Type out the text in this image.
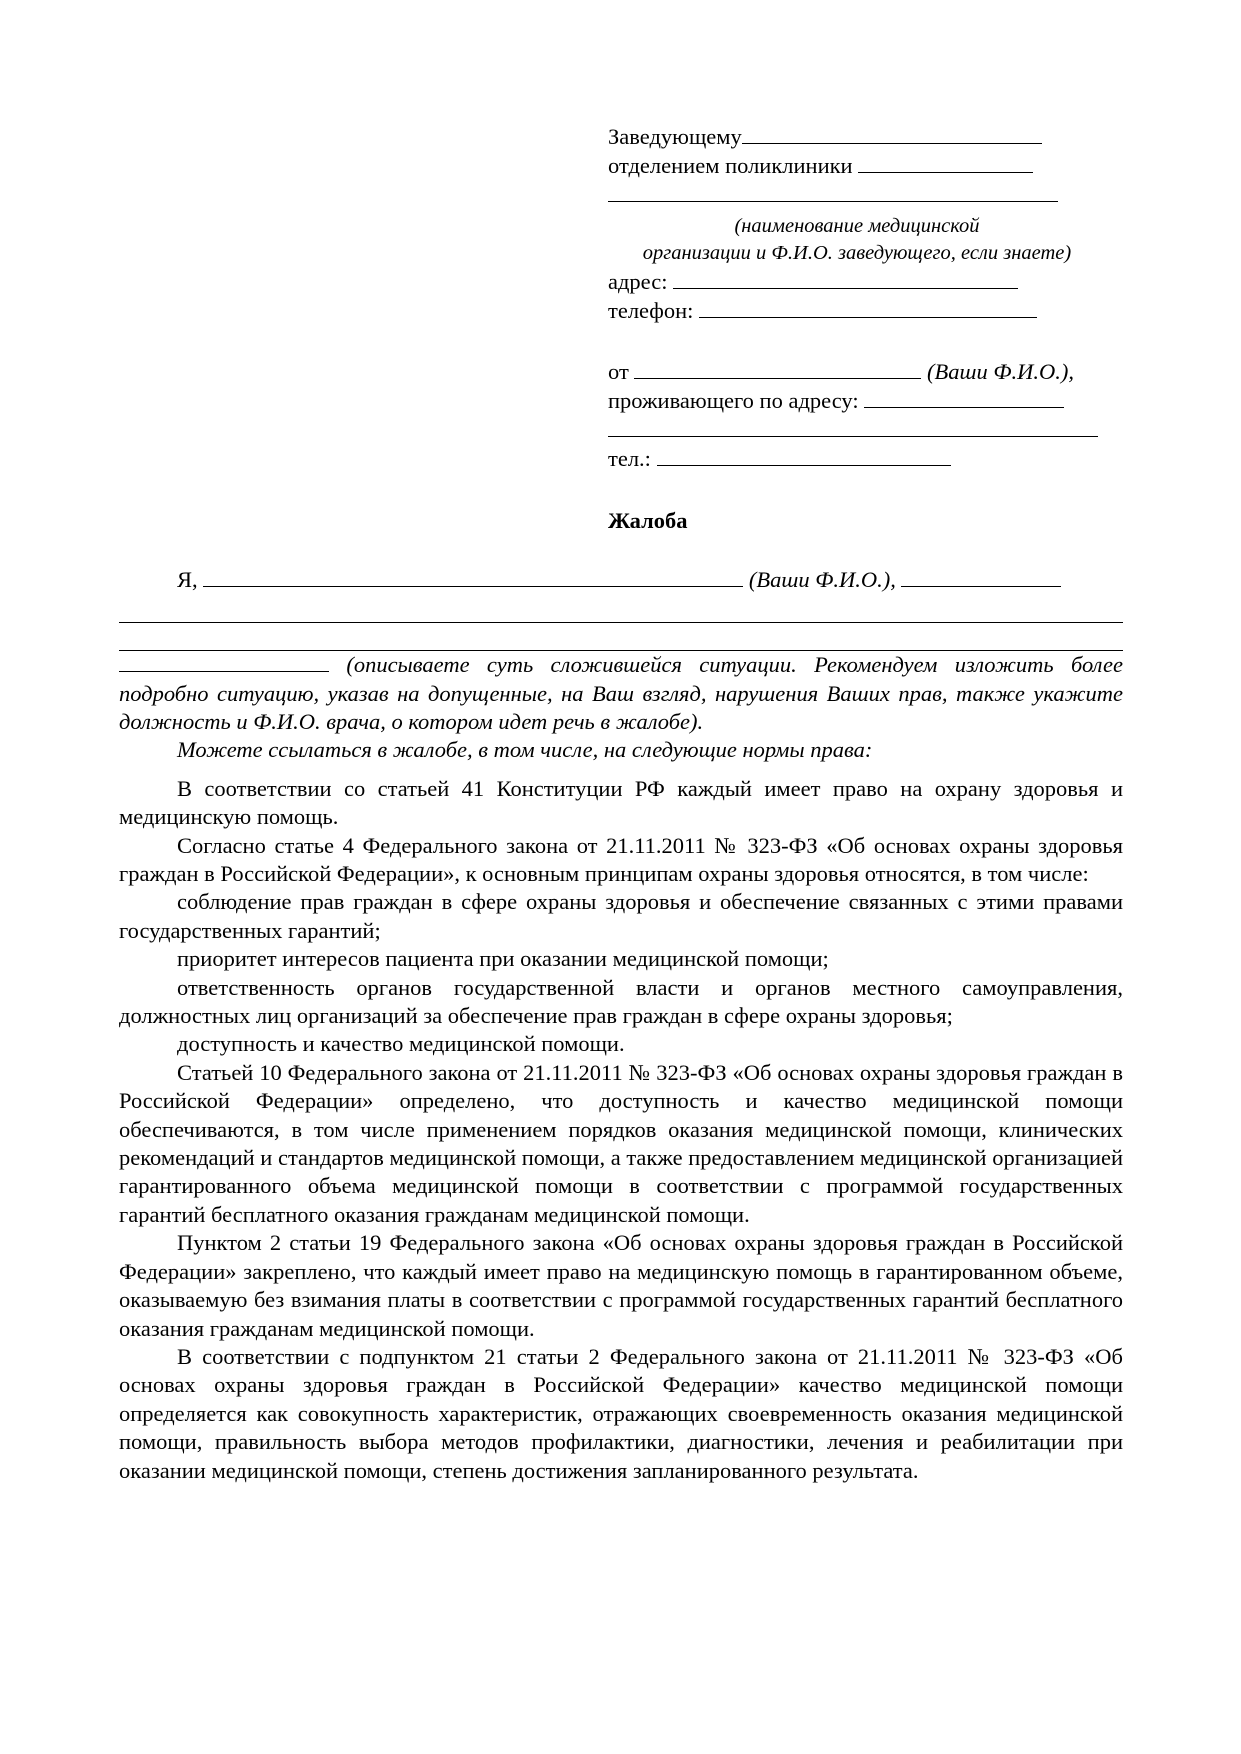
Заведующему
отделением поликлиники
(наименование медицинской
организации и Ф.И.О. заведующего, если знаете)
адрес:
телефон:
от	(Ваши Ф.И.О.),
проживающего по адресу:
тел.:
Жалоба
Я,	(Ваши Ф.И.О.),

(описываете суть сложившейся ситуации. Рекомендуем изложить более подробно ситуацию, указав на допущенные, на Ваш взгляд, нарушения Ваших прав, также укажите должность и Ф.И.О. врача, о котором идет речь в жалобе).

Можете ссылаться в жалобе, в том числе, на следующие нормы права:

В соответствии со статьей 41 Конституции РФ каждый имеет право на охрану здоровья и медицинскую помощь.

Согласно статье 4 Федерального закона от 21.11.2011 № 323-ФЗ «Об основах охраны здоровья граждан в Российской Федерации», к основным принципам охраны здоровья относятся, в том числе:

соблюдение прав граждан в сфере охраны здоровья и обеспечение связанных с этими правами государственных гарантий;

приоритет интересов пациента при оказании медицинской помощи;

ответственность органов государственной власти и органов местного самоуправления, должностных лиц организаций за обеспечение прав граждан в сфере охраны здоровья;

доступность и качество медицинской помощи.

Статьей 10 Федерального закона от 21.11.2011 № 323-ФЗ «Об основах охраны здоровья граждан в Российской Федерации» определено, что доступность и качество медицинской помощи обеспечиваются, в том числе применением порядков оказания медицинской помощи, клинических рекомендаций и стандартов медицинской помощи, а также предоставлением медицинской организацией гарантированного объема медицинской помощи в соответствии с программой государственных гарантий бесплатного оказания гражданам медицинской помощи.

Пунктом 2 статьи 19 Федерального закона «Об основах охраны здоровья граждан в Российской Федерации» закреплено, что каждый имеет право на медицинскую помощь в гарантированном объеме, оказываемую без взимания платы в соответствии с программой государственных гарантий бесплатного оказания гражданам медицинской помощи.

В соответствии с подпунктом 21 статьи 2 Федерального закона от 21.11.2011 № 323-ФЗ «Об основах охраны здоровья граждан в Российской Федерации» качество медицинской помощи определяется как совокупность характеристик, отражающих своевременность оказания медицинской помощи, правильность выбора методов профилактики, диагностики, лечения и реабилитации при оказании медицинской помощи, степень достижения запланированного результата.
